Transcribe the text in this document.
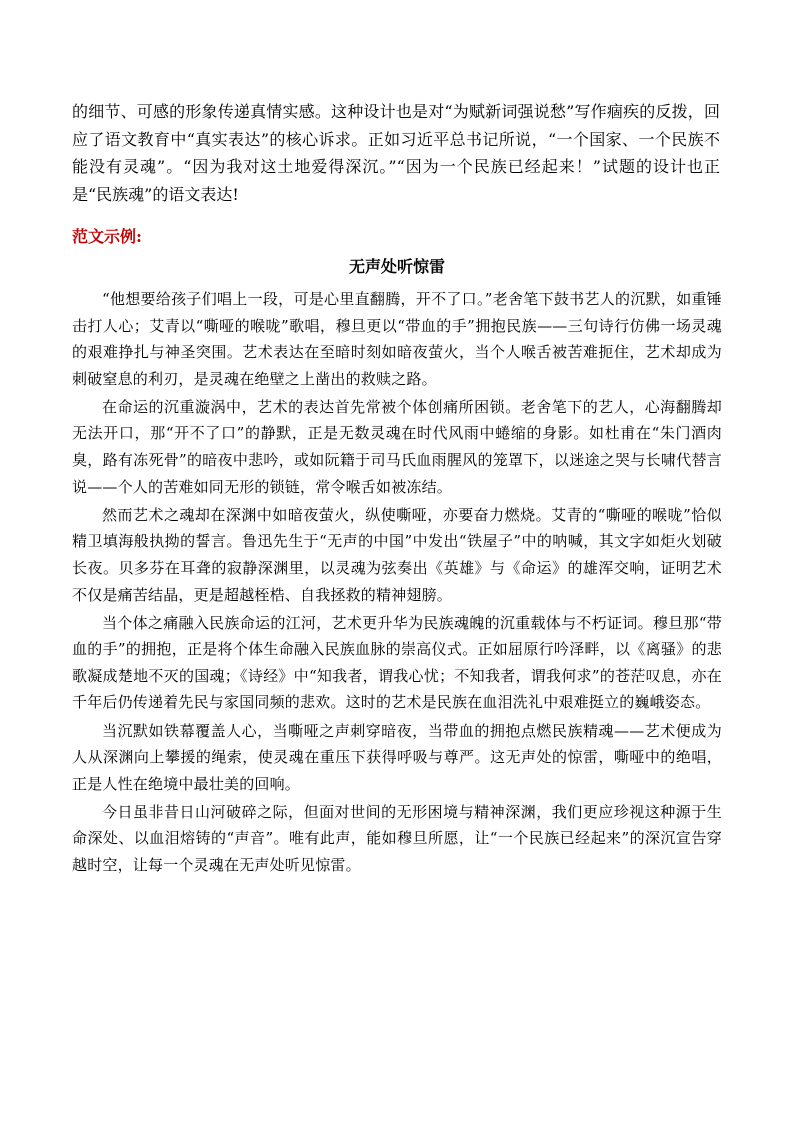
的细节、可感的形象传递真情实感。这种设计也是对“为赋新词强说愁”写作痼疾的反拨，回应了语文教育中“真实表达”的核心诉求。正如习近平总书记所说，“一个国家、一个民族不能没有灵魂”。“因为我对这土地爱得深沉。”“因为一个民族已经起来！”试题的设计也正是“民族魂”的语文表达!

范文示例:

无声处听惊雷

“他想要给孩子们唱上一段，可是心里直翻腾，开不了口。”老舍笔下鼓书艺人的沉默，如重锤击打人心；艾青以“嘶哑的喉咙”歌唱，穆旦更以“带血的手”拥抱民族——三句诗行仿佛一场灵魂的艰难挣扎与神圣突围。艺术表达在至暗时刻如暗夜萤火，当个人喉舌被苦难扼住，艺术却成为刺破窒息的利刃，是灵魂在绝壁之上凿出的救赎之路。

在命运的沉重漩涡中，艺术的表达首先常被个体创痛所困锁。老舍笔下的艺人，心海翻腾却无法开口，那“开不了口”的静默，正是无数灵魂在时代风雨中蜷缩的身影。如杜甫在“朱门酒肉臭，路有冻死骨”的暗夜中悲吟，或如阮籍于司马氏血雨腥风的笼罩下，以迷途之哭与长啸代替言说——个人的苦难如同无形的锁链，常令喉舌如被冻结。

然而艺术之魂却在深渊中如暗夜萤火，纵使嘶哑，亦要奋力燃烧。艾青的“嘶哑的喉咙”恰似精卫填海般执拗的誓言。鲁迅先生于“无声的中国”中发出“铁屋子”中的呐喊，其文字如炬火划破长夜。贝多芬在耳聋的寂静深渊里，以灵魂为弦奏出《英雄》与《命运》的雄浑交响，证明艺术不仅是痛苦结晶，更是超越桎梏、自我拯救的精神翅膀。

当个体之痛融入民族命运的江河，艺术更升华为民族魂魄的沉重载体与不朽证词。穆旦那“带血的手”的拥抱，正是将个体生命融入民族血脉的崇高仪式。正如屈原行吟泽畔，以《离骚》的悲歌凝成楚地不灭的国魂；《诗经》中“知我者，谓我心忧；不知我者，谓我何求”的苍茫叹息，亦在千年后仍传递着先民与家国同频的悲欢。这时的艺术是民族在血泪洗礼中艰难挺立的巍峨姿态。

当沉默如铁幕覆盖人心，当嘶哑之声刺穿暗夜，当带血的拥抱点燃民族精魂——艺术便成为人从深渊向上攀援的绳索，使灵魂在重压下获得呼吸与尊严。这无声处的惊雷，嘶哑中的绝唱，正是人性在绝境中最壮美的回响。

今日虽非昔日山河破碎之际，但面对世间的无形困境与精神深渊，我们更应珍视这种源于生命深处、以血泪熔铸的“声音”。唯有此声，能如穆旦所愿，让“一个民族已经起来”的深沉宣告穿越时空，让每一个灵魂在无声处听见惊雷。
